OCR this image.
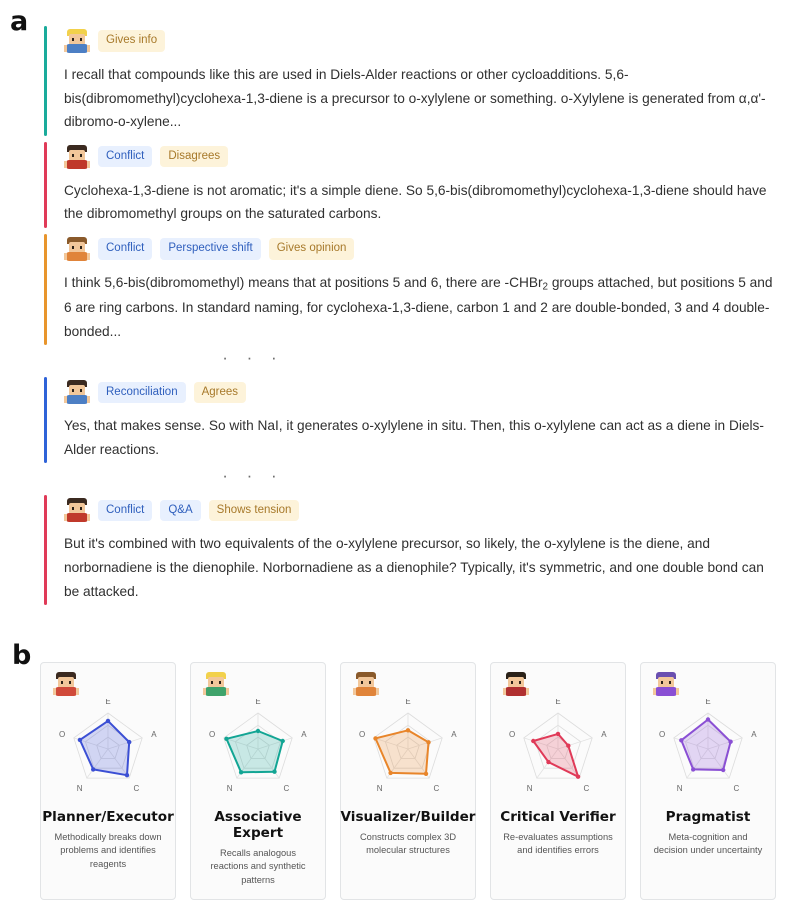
a
b
Gives info
I recall that compounds like this are used in Diels-Alder reactions or other cycloadditions. 5,6-bis(dibromomethyl)cyclohexa-1,3-diene is a precursor to o-xylylene or something. o-Xylylene is generated from α,α'-dibromo-o-xylene...
Conflict	Disagrees
Cyclohexa-1,3-diene is not aromatic; it's a simple diene. So 5,6-bis(dibromomethyl)cyclohexa-1,3-diene should have the dibromomethyl groups on the saturated carbons.
Conflict	Perspective shift	Gives opinion
I think 5,6-bis(dibromomethyl) means that at positions 5 and 6, there are -CHBr$_2$ groups attached, but positions 5 and 6 are ring carbons. In standard naming, for cyclohexa-1,3-diene, carbon 1 and 2 are double-bonded, 3 and 4 double-bonded...
· · ·
Reconciliation	Agrees
Yes, that makes sense. So with NaI, it generates o-xylylene in situ. Then, this o-xylylene can act as a diene in Diels-Alder reactions.
· · ·
Conflict	Q&A	Shows tension
But it's combined with two equivalents of the o-xylylene precursor, so likely, the o-xylylene is the diene, and norbornadiene is the dienophile. Norbornadiene as a dienophile? Typically, it's symmetric, and one double bond can be attacked.
E
A
C
N
O
Planner/Executor
Methodically breaks down problems and identifies reagents
E
A
C
N
O
Associative Expert
Recalls analogous reactions and synthetic patterns
E
A
C
N
O
Visualizer/Builder
Constructs complex 3D molecular structures
E
A
C
N
O
Critical Verifier
Re-evaluates assumptions and identifies errors
E
A
C
N
O
Pragmatist
Meta-cognition and decision under uncertainty
